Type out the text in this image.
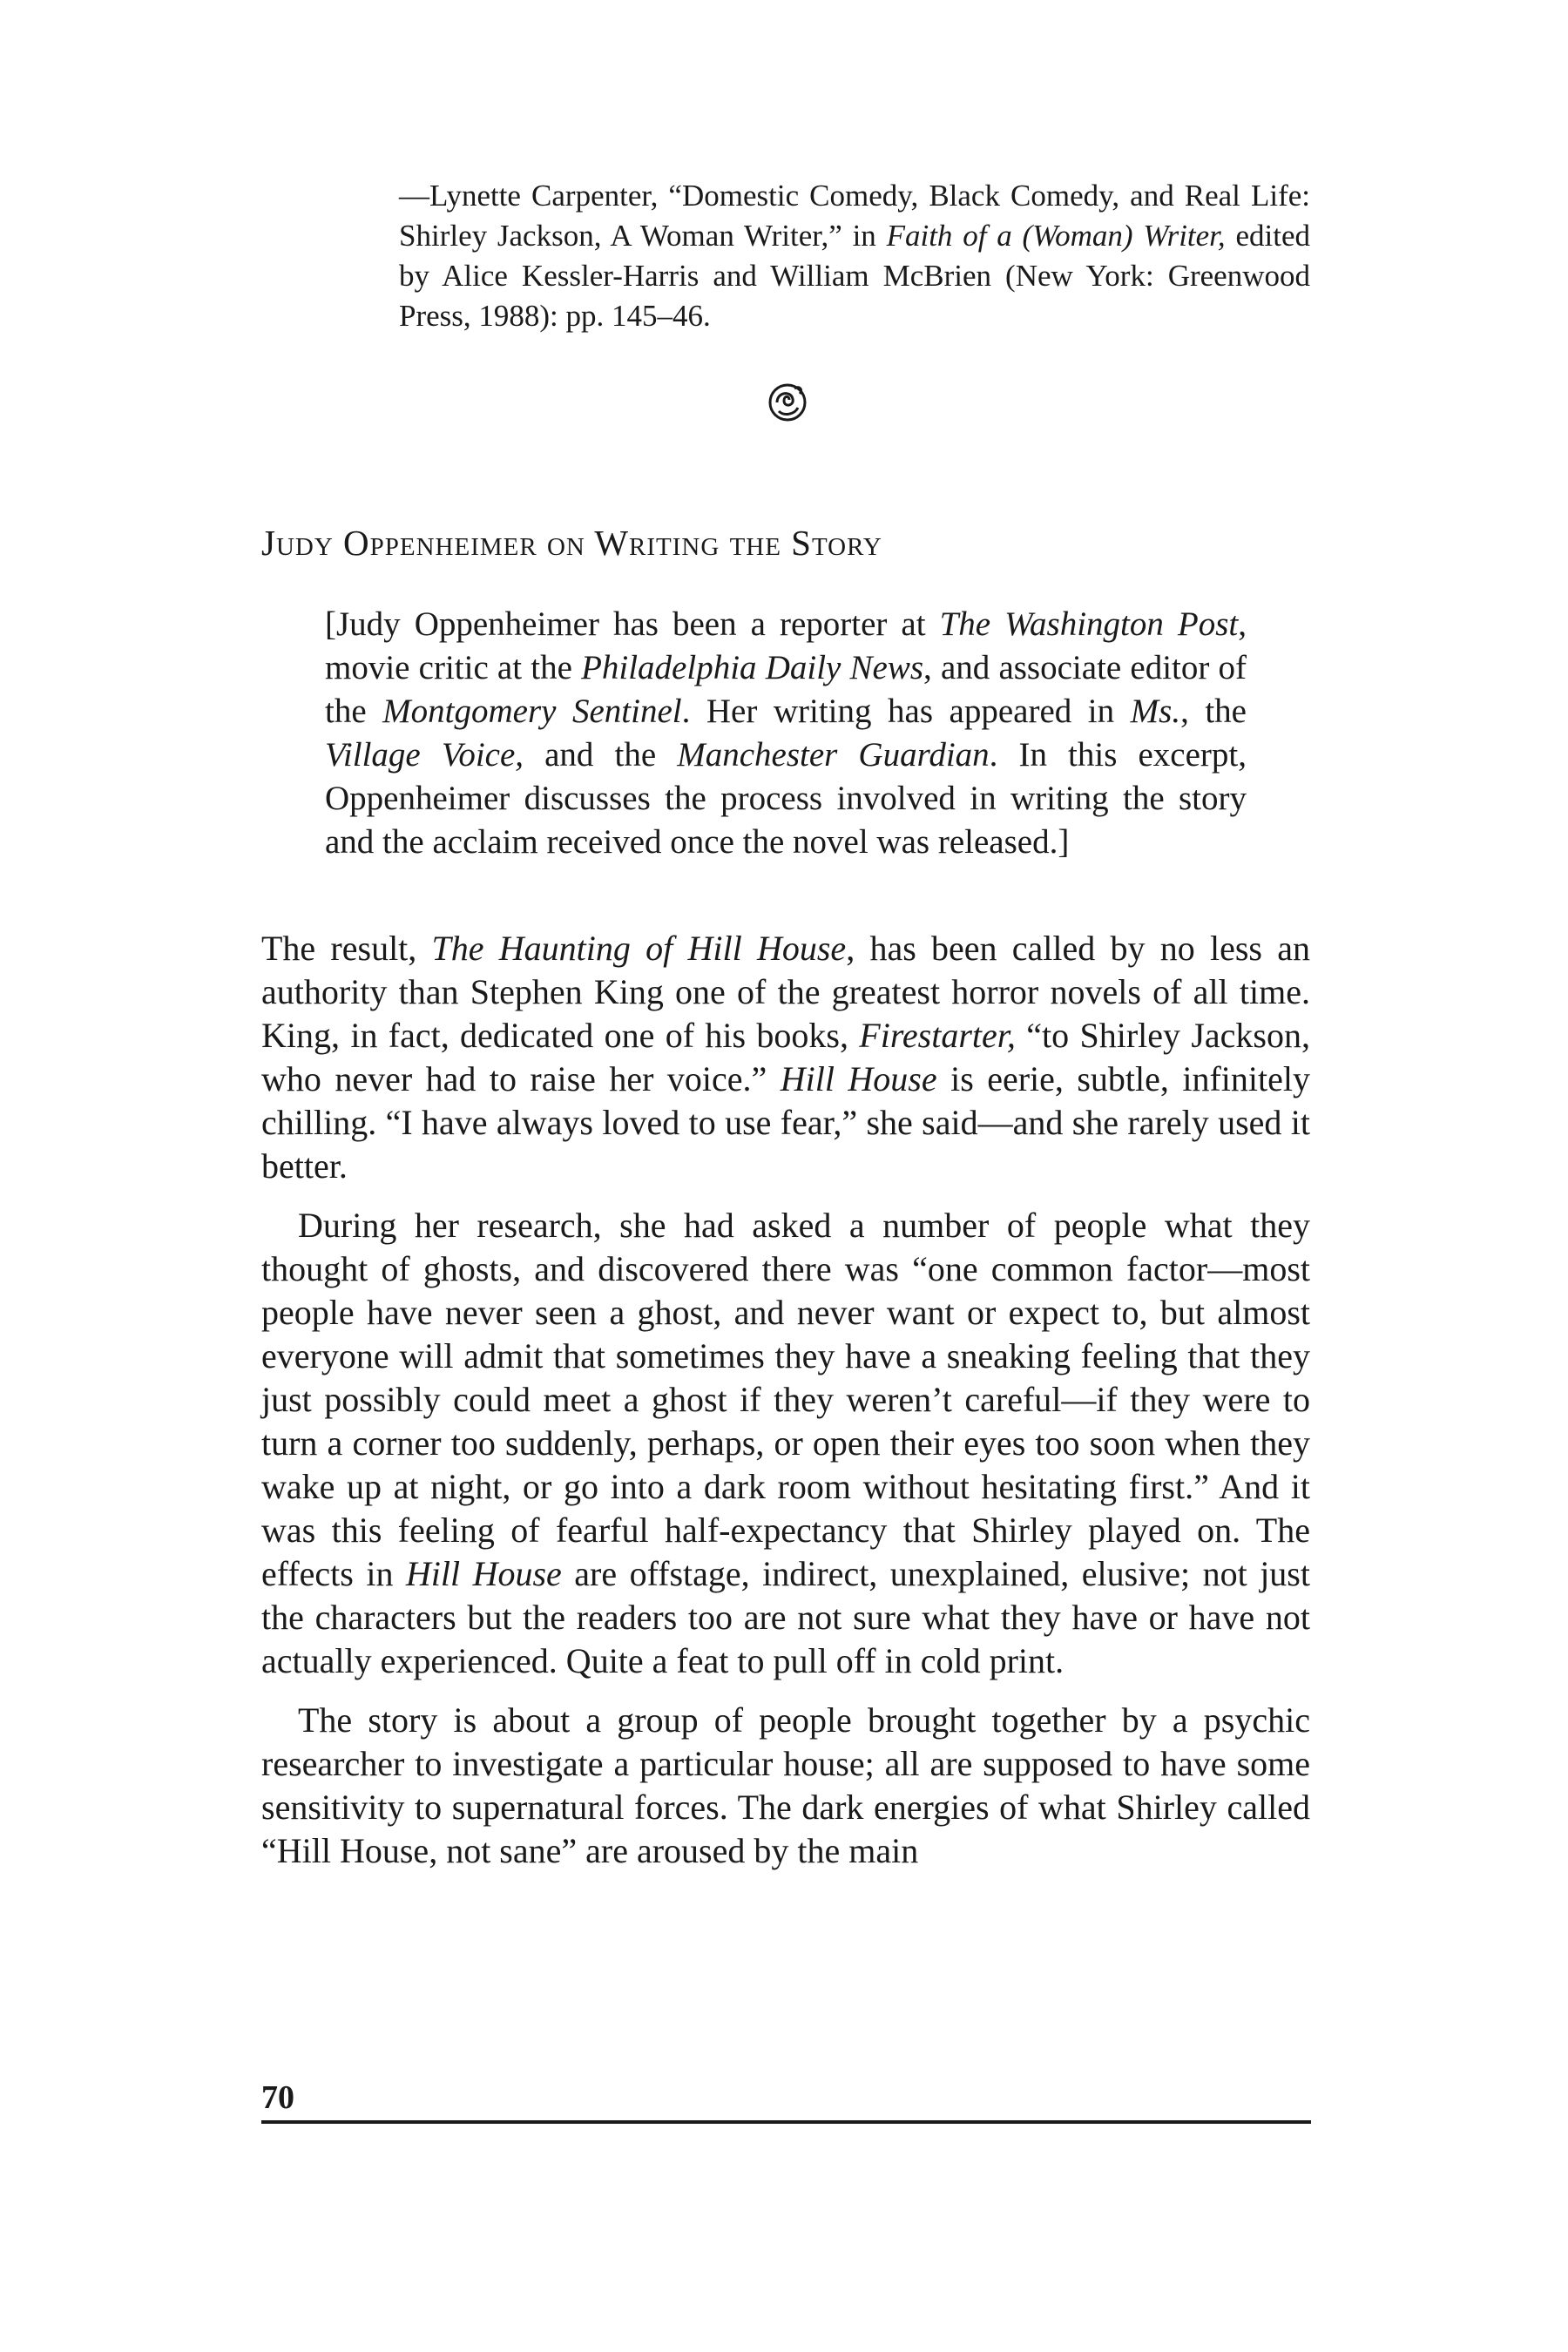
—Lynette Carpenter, “Domestic Comedy, Black Comedy, and Real Life: Shirley Jackson, A Woman Writer,” in Faith of a (Woman) Writer, edited by Alice Kessler-Harris and William McBrien (New York: Greenwood Press, 1988): pp. 145–46.
Judy Oppenheimer on Writing the Story

[Judy Oppenheimer has been a reporter at The Washington Post, movie critic at the Philadelphia Daily News, and associate editor of the Montgomery Sentinel. Her writing has appeared in Ms., the Village Voice, and the Manchester Guardian. In this excerpt, Oppenheimer discusses the process involved in writing the story and the acclaim received once the novel was released.]

The result, The Haunting of Hill House, has been called by no less an authority than Stephen King one of the greatest horror novels of all time. King, in fact, dedicated one of his books, Firestarter, “to Shirley Jackson, who never had to raise her voice.” Hill House is eerie, subtle, infinitely chilling. “I have always loved to use fear,” she said—and she rarely used it better.

During her research, she had asked a number of people what they thought of ghosts, and discovered there was “one common factor—most people have never seen a ghost, and never want or expect to, but almost everyone will admit that sometimes they have a sneaking feeling that they just possibly could meet a ghost if they weren’t careful—if they were to turn a corner too suddenly, perhaps, or open their eyes too soon when they wake up at night, or go into a dark room without hesitating first.” And it was this feeling of fearful half-expectancy that Shirley played on. The effects in Hill House are offstage, indirect, unexplained, elusive; not just the characters but the readers too are not sure what they have or have not actually experienced. Quite a feat to pull off in cold print.

The story is about a group of people brought together by a psychic researcher to investigate a particular house; all are supposed to have some sensitivity to supernatural forces. The dark energies of what Shirley called “Hill House, not sane” are aroused by the main

70
